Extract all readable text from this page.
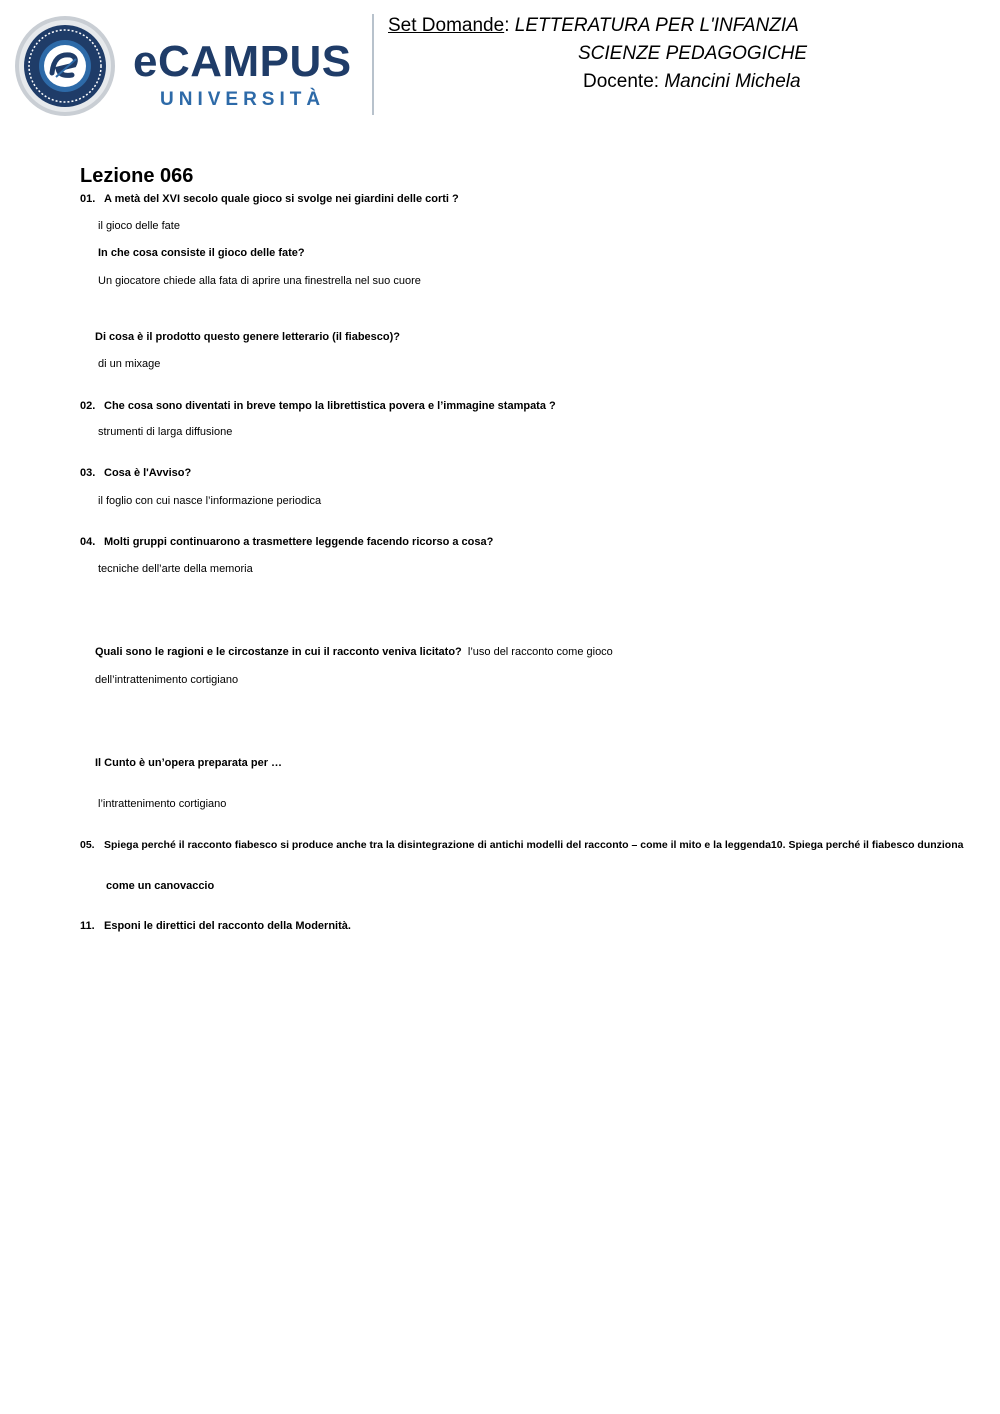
eCAMPUS
UNIVERSITÀ
Set Domande: LETTERATURA PER L'INFANZIA
SCIENZE PEDAGOGICHE
Docente: Mancini Michela
Lezione 066
01. A metà del XVI secolo quale gioco si svolge nei giardini delle corti ?
il gioco delle fate
In che cosa consiste il gioco delle fate?
Un giocatore chiede alla fata di aprire una finestrella nel suo cuore
Di cosa è il prodotto questo genere letterario (il fiabesco)?
di un mixage
02. Che cosa sono diventati in breve tempo la librettistica povera e l’immagine stampata ?
strumenti di larga diffusione
03. Cosa è l'Avviso?
il foglio con cui nasce l’informazione periodica
04. Molti gruppi continuarono a trasmettere leggende facendo ricorso a cosa?
tecniche dell’arte della memoria
Quali sono le ragioni e le circostanze in cui il racconto veniva licitato? l’uso del racconto come gioco
dell’intrattenimento cortigiano
Il Cunto è un’opera preparata per …
l’intrattenimento cortigiano
05. Spiega perché il racconto fiabesco si produce anche tra la disintegrazione di antichi modelli del racconto – come il mito e la leggenda10. Spiega perché il fiabesco dunziona
come un canovaccio
11. Esponi le direttici del racconto della Modernità.
